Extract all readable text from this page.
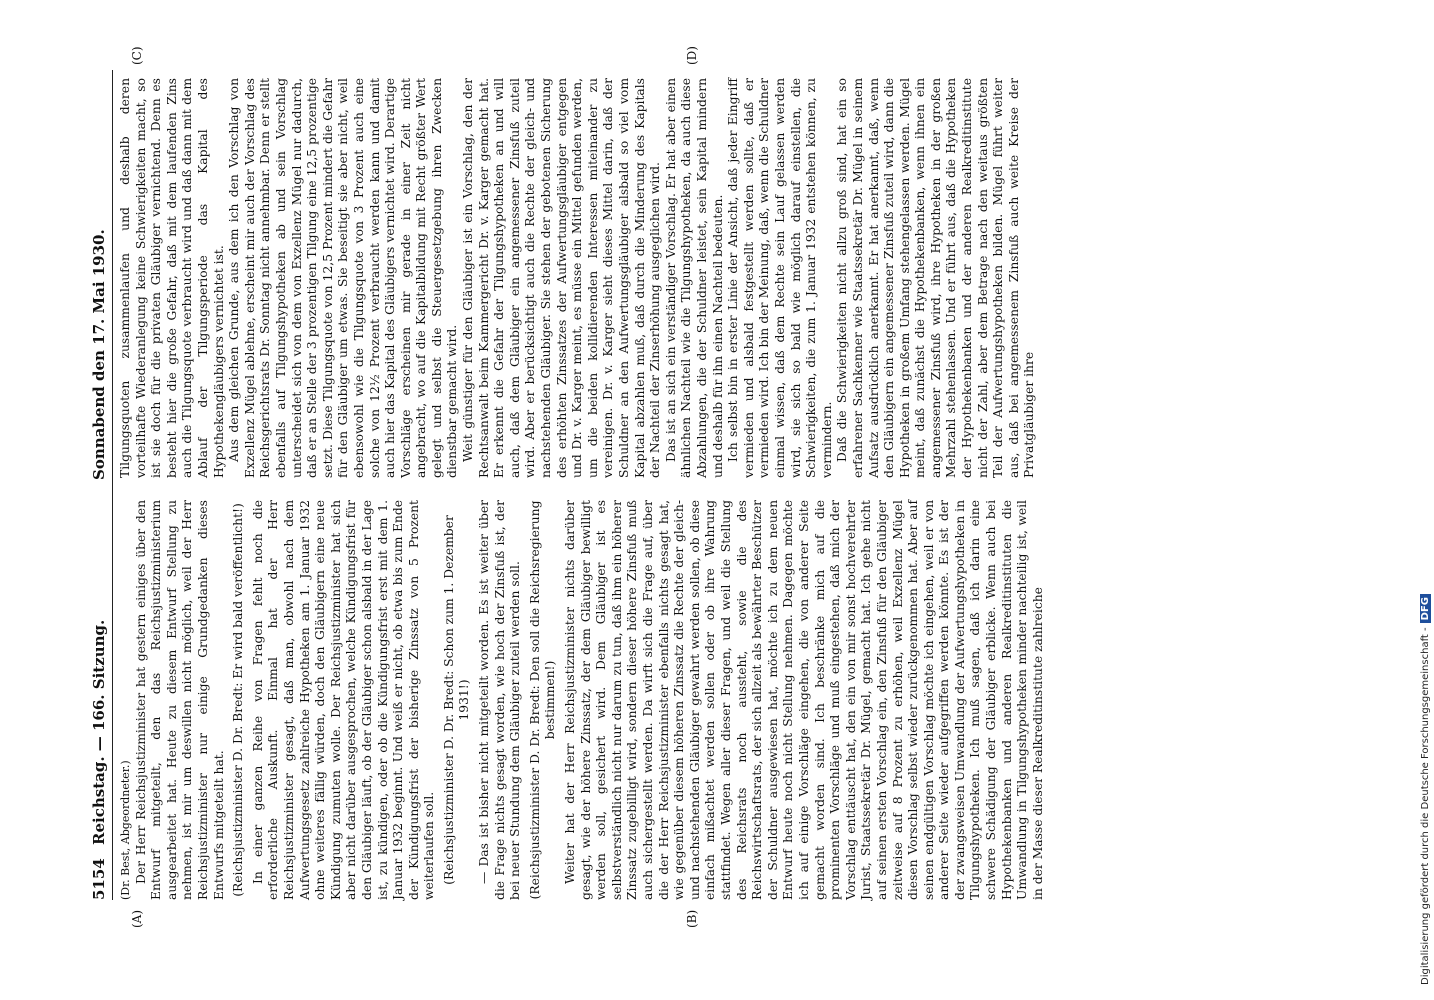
Digitalisierung gefördert durch die Deutsche Forschungsgemeinschaft -DFG
5154
Reichstag. — 166. Sitzung.
Sonnabend den 17. Mai 1930.
(A)	(B)
(C)	(D)

(Dr. Best, Abgeordneter.) Der Herr Reichsjustizminister hat gestern einiges über den Entwurf mitgeteilt, den das Reichsjustizministerium ausgearbeitet hat. Heute zu diesem Entwurf Stellung zu nehmen, ist mir um deswillen nicht möglich, weil der Herr Reichsjustizminister nur einige Grundgedanken dieses Entwurfs mitgeteilt hat. (Reichsjustizminister D. Dr. Bredt: Er wird bald veröffentlicht!) In einer ganzen Reihe von Fragen fehlt noch die erforderliche Auskunft. Einmal hat der Herr Reichsjustizminister gesagt, daß man, obwohl nach dem Aufwertungsgesetz zahlreiche Hypotheken am 1. Januar 1932 ohne weiteres fällig würden, doch den Gläubigern eine neue Kündigung zumuten wolle. Der Reichsjustizminister hat sich aber nicht darüber ausgesprochen, welche Kündigungsfrist für den Gläubiger läuft, ob der Gläubiger schon alsbald in der Lage ist, zu kündigen, oder ob die Kündigungsfrist erst mit dem 1. Januar 1932 beginnt. Und weiß er nicht, ob etwa bis zum Ende der Kündigungsfrist der bisherige Zinssatz von 5 Prozent weiterlaufen soll. (Reichsjustizminister D. Dr. Bredt: Schon zum 1. Dezember 1931!) — Das ist bisher nicht mitgeteilt worden. Es ist weiter über die Frage nichts gesagt worden, wie hoch der Zinsfuß ist, der bei neuer Stundung dem Gläubiger zuteil werden soll. (Reichsjustizminister D. Dr. Bredt: Den soll die Reichsregierung bestimmen!) Weiter hat der Herr Reichsjustizminister nichts darüber gesagt, wie der höhere Zinssatz, der dem Gläubiger bewilligt werden soll, gesichert wird. Dem Gläubiger ist es selbstverständlich nicht nur darum zu tun, daß ihm ein höherer Zinssatz zugebilligt wird, sondern dieser höhere Zinsfuß muß auch sichergestellt werden. Da wirft sich die Frage auf, über die der Herr Reichsjustizminister ebenfalls nichts gesagt hat, wie gegenüber diesem höheren Zinssatz die Rechte der gleich- und nachstehenden Gläubiger gewahrt werden sollen, ob diese einfach mißachtet werden sollen oder ob ihre Wahrung stattfindet. Wegen aller dieser Fragen, und weil die Stellung des Reichsrats noch aussteht, sowie die des Reichswirtschaftsrats, der sich allzeit als bewährter Beschützer der Schuldner ausgewiesen hat, möchte ich zu dem neuen Entwurf heute noch nicht Stellung nehmen. Dagegen möchte ich auf einige Vorschläge eingehen, die von anderer Seite gemacht worden sind. Ich beschränke mich auf die prominenten Vorschläge und muß eingestehen, daß mich der Vorschlag enttäuscht hat, den ein von mir sonst hochverehrter Jurist, Staatssekretär Dr. Mügel, gemacht hat. Ich gehe nicht auf seinen ersten Vorschlag ein, den Zinsfuß für den Gläubiger zeitweise auf 8 Prozent zu erhöhen, weil Exzellenz Mügel diesen Vorschlag selbst wieder zurückgenommen hat. Aber auf seinen endgültigen Vorschlag möchte ich eingehen, weil er von anderer Seite wieder aufgegriffen werden könnte. Es ist der der zwangsweisen Umwandlung der Aufwertungshypotheken in Tilgungshypotheken. Ich muß sagen, daß ich darin eine schwere Schädigung der Gläubiger erblicke. Wenn auch bei Hypothekenbanken und anderen Realkreditinstituten die Umwandlung in Tilgungshypotheken minder nachteilig ist, weil in der Masse dieser Realkreditinstitute zahlreiche

Tilgungsquoten zusammenlaufen und deshalb deren vorteilhafte Wiederanlegung keine Schwierigkeiten macht, so ist sie doch für die privaten Gläubiger vernichtend. Denn es besteht hier die große Gefahr, daß mit dem laufenden Zins auch die Tilgungsquote verbraucht wird und daß dann mit dem Ablauf der Tilgungsperiode das Kapital des Hypothekengläubigers vernichtet ist. Aus dem gleichen Grunde, aus dem ich den Vorschlag von Exzellenz Mügel ablehne, erscheint mir auch der Vorschlag des Reichsgerichtsrats Dr. Sonntag nicht annehmbar. Denn er stellt ebenfalls auf Tilgungshypotheken ab und sein Vorschlag unterscheidet sich von dem von Exzellenz Mügel nur dadurch, daß er an Stelle der 3 prozentigen Tilgung eine 12,5 prozentige setzt. Diese Tilgungsquote von 12,5 Prozent mindert die Gefahr für den Gläubiger um etwas. Sie beseitigt sie aber nicht, weil ebensowohl wie die Tilgungsquote von 3 Prozent auch eine solche von 12½ Prozent verbraucht werden kann und damit auch hier das Kapital des Gläubigers vernichtet wird. Derartige Vorschläge erscheinen mir gerade in einer Zeit nicht angebracht, wo auf die Kapitalbildung mit Recht größter Wert gelegt und selbst die Steuergesetzgebung ihren Zwecken dienstbar gemacht wird. Weit günstiger für den Gläubiger ist ein Vorschlag, den der Rechtsanwalt beim Kammergericht Dr. v. Karger gemacht hat. Er erkennt die Gefahr der Tilgungshypotheken an und will auch, daß dem Gläubiger ein angemessener Zinsfuß zuteil wird. Aber er berücksichtigt auch die Rechte der gleich- und nachstehenden Gläubiger. Sie stehen der gebotenen Sicherung des erhöhten Zinssatzes der Aufwertungsgläubiger entgegen und Dr. v. Karger meint, es müsse ein Mittel gefunden werden, um die beiden kollidierenden Interessen miteinander zu vereinigen. Dr. v. Karger sieht dieses Mittel darin, daß der Schuldner an den Aufwertungsgläubiger alsbald so viel vom Kapital abzahlen muß, daß durch die Minderung des Kapitals der Nachteil der Zinserhöhung ausgeglichen wird. Das ist an sich ein verständiger Vorschlag. Er hat aber einen ähnlichen Nachteil wie die Tilgungshypotheken, da auch diese Abzahlungen, die der Schuldner leistet, sein Kapital mindern und deshalb für ihn einen Nachteil bedeuten. Ich selbst bin in erster Linie der Ansicht, daß jeder Eingriff vermieden und alsbald festgestellt werden sollte, daß er vermieden wird. Ich bin der Meinung, daß, wenn die Schuldner einmal wissen, daß dem Rechte sein Lauf gelassen werden wird, sie sich so bald wie möglich darauf einstellen, die Schwierigkeiten, die zum 1. Januar 1932 entstehen können, zu vermindern. Daß die Schwierigkeiten nicht allzu groß sind, hat ein so erfahrener Sachkenner wie Staatssekretär Dr. Mügel in seinem Aufsatz ausdrücklich anerkannt. Er hat anerkannt, daß, wenn den Gläubigern ein angemessener Zinsfuß zuteil wird, dann die Hypotheken in großem Umfang stehengelassen werden. Mügel meint, daß zunächst die Hypothekenbanken, wenn ihnen ein angemessener Zinsfuß wird, ihre Hypotheken in der großen Mehrzahl stehenlassen. Und er führt aus, daß die Hypotheken der Hypothekenbanken und der anderen Realkreditinstitute nicht der Zahl, aber dem Betrage nach den weitaus größten Teil der Aufwertungshypotheken bilden. Mügel führt weiter aus, daß bei angemessenem Zinsfuß auch weite Kreise der Privatgläubiger ihre
